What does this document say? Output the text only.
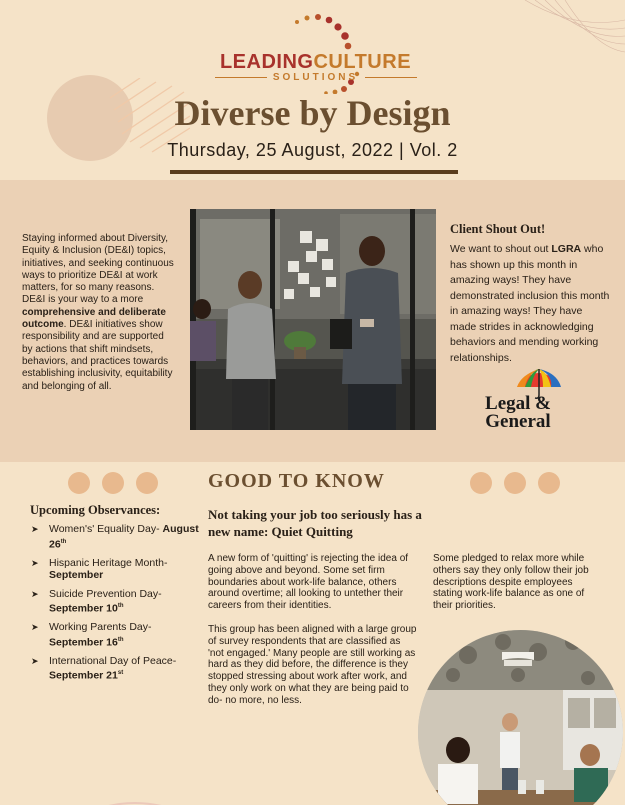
LEADINGCULTURE
SOLUTIONS
Diverse by Design
Thursday, 25 August, 2022 | Vol. 2
Staying informed about Diversity, Equity & Inclusion (DE&I) topics, initiatives, and seeking continuous ways to prioritize DE&I at work matters, for so many reasons. DE&I is your way to a more comprehensive and deliberate outcome. DE&I initiatives show responsibility and are supported by actions that shift mindsets, behaviors, and practices towards establishing inclusivity, equitability and belonging of all.
Client Shout Out!
We want to shout out LGRA who has shown up this month in amazing ways! They have demonstrated inclusion this month in amazing ways! They have made strides in acknowledging behaviors and mending working relationships.
Legal &
General
GOOD TO KNOW
Upcoming Observances:
➤ Women's' Equality Day- August 26th
➤ Hispanic Heritage Month- September
➤ Suicide Prevention Day- September 10th
➤ Working Parents Day- September 16th
➤ International Day of Peace- September 21st
Not taking your job too seriously has a new name: Quiet Quitting

A new form of 'quitting' is rejecting the idea of going above and beyond. Some set firm boundaries about work-life balance, others around overtime; all looking to untether their careers from their identities.

This group has been aligned with a large group of survey respondents that are classified as 'not engaged.' Many people are still working as hard as they did before, the difference is they stopped stressing about work after work, and they only work on what they are being paid to do- no more, no less.

Some pledged to relax more while others say they only follow their job descriptions despite employees stating work-life balance as one of their priorities.
